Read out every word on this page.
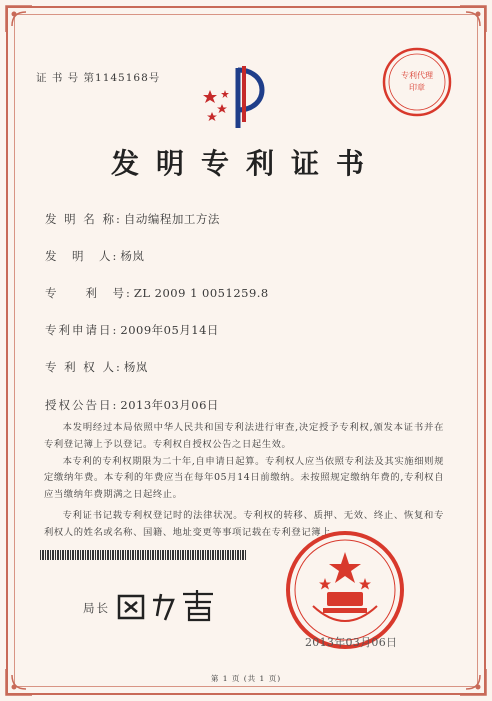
证 书 号 第1145168号	专利代理
印章
发明专利证书
发 明 名 称: 自动编程加工方法
发　明　人: 杨岚
专　　利　号: ZL 2009 1 0051259.8
专利申请日: 2009年05月14日
专 利 权 人: 杨岚
授权公告日: 2013年03月06日

本发明经过本局依照中华人民共和国专利法进行审查,决定授予专利权,颁发本证书并在专利登记簿上予以登记。专利权自授权公告之日起生效。

本专利的专利权期限为二十年,自申请日起算。专利权人应当依照专利法及其实施细则规定缴纳年费。本专利的年费应当在每年05月14日前缴纳。未按照规定缴纳年费的,专利权自应当缴纳年费期满之日起终止。

专利证书记载专利权登记时的法律状况。专利权的转移、质押、无效、终止、恢复和专利权人的姓名或名称、国籍、地址变更等事项记载在专利登记簿上。

局长
2013年03月06日
第 1 页 (共 1 页)
